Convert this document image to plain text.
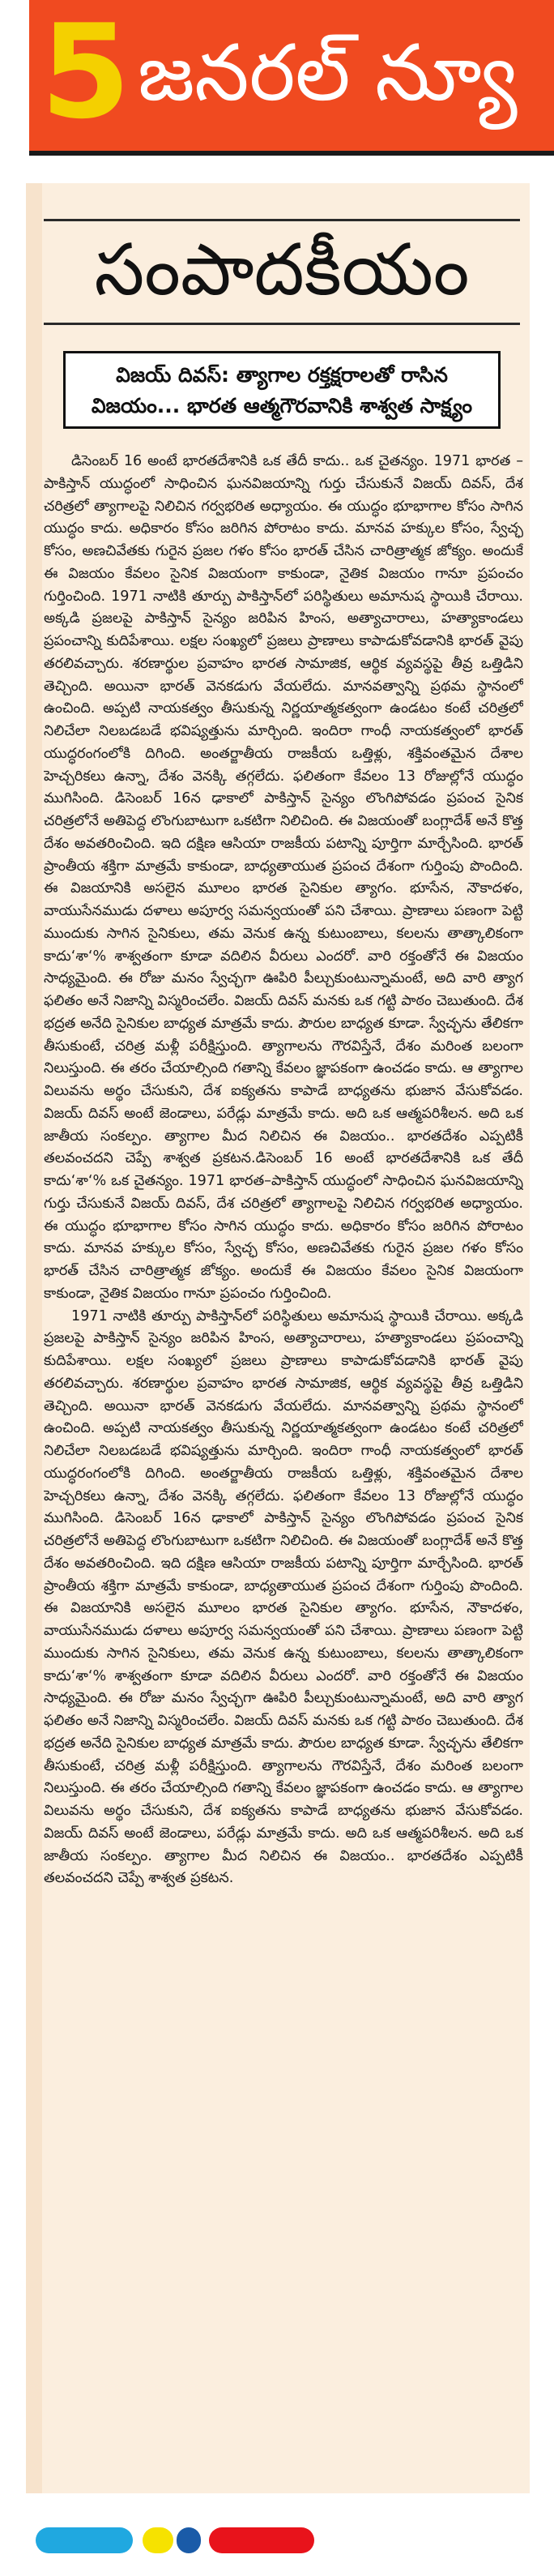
5 జనరల్ న్యూ
సంపాదకీయం
విజయ్ దివస్: త్యాగాల రక్తక్షరాలతో రాసిన
విజయం... భారత ఆత్మగౌరవానికి శాశ్వత సాక్ష్యం

డిసెంబర్ 16 అంటే భారతదేశానికి ఒక తేదీ కాదు.. ఒక చైతన్యం. 1971 భారత – పాకిస్తాన్ యుద్ధంలో సాధించిన ఘనవిజయాన్ని గుర్తు చేసుకునే విజయ్ దివస్, దేశ చరిత్రలో త్యాగాలపై నిలిచిన గర్వభరిత అధ్యాయం. ఈ యుద్ధం భూభాగాల కోసం సాగిన యుద్ధం కాదు. అధికారం కోసం జరిగిన పోరాటం కాదు. మానవ హక్కుల కోసం, స్వేచ్ఛ కోసం, అణచివేతకు గురైన ప్రజల గళం కోసం భారత్ చేసిన చారిత్రాత్మక జోక్యం. అందుకే ఈ విజయం కేవలం సైనిక విజయంగా కాకుండా, నైతిక విజయం గానూ ప్రపంచం గుర్తించింది. 1971 నాటికి తూర్పు పాకిస్తాన్‌లో పరిస్థితులు అమానుష స్థాయికి చేరాయి. అక్కడి ప్రజలపై పాకిస్తాన్ సైన్యం జరిపిన హింస, అత్యాచారాలు, హత్యాకాండలు ప్రపంచాన్ని కుదిపేశాయి. లక్షల సంఖ్యలో ప్రజలు ప్రాణాలు కాపాడుకోవడానికి భారత్ వైపు తరలివచ్చారు. శరణార్థుల ప్రవాహం భారత సామాజిక, ఆర్థిక వ్యవస్థపై తీవ్ర ఒత్తిడిని తెచ్చింది. అయినా భారత్ వెనకడుగు వేయలేదు. మానవత్వాన్ని ప్రథమ స్థానంలో ఉంచింది. అప్పటి నాయకత్వం తీసుకున్న నిర్ణయాత్మకత్వంగా ఉండటం కంటే చరిత్రలో నిలిచేలా నిలబడబడే భవిష్యత్తును మార్చింది. ఇందిరా గాంధీ నాయకత్వంలో భారత్ యుద్ధరంగంలోకి దిగింది. అంతర్జాతీయ రాజకీయ ఒత్తిళ్లు, శక్తివంతమైన దేశాల హెచ్చరికలు ఉన్నా, దేశం వెనక్కి తగ్గలేదు. ఫలితంగా కేవలం 13 రోజుల్లోనే యుద్ధం ముగిసింది. డిసెంబర్ 16న ఢాకాలో పాకిస్తాన్ సైన్యం లొంగిపోవడం ప్రపంచ సైనిక చరిత్రలోనే అతిపెద్ద లొంగుబాటుగా ఒకటిగా నిలిచింది. ఈ విజయంతో బంగ్లాదేశ్ అనే కొత్త దేశం అవతరించింది. ఇది దక్షిణ ఆసియా రాజకీయ పటాన్ని పూర్తిగా మార్చేసింది. భారత్ ప్రాంతీయ శక్తిగా మాత్రమే కాకుండా, బాధ్యతాయుత ప్రపంచ దేశంగా గుర్తింపు పొందింది. ఈ విజయానికి అసలైన మూలం భారత సైనికుల త్యాగం. భూసేన, నౌకాదళం, వాయుసేనముడు దళాలు అపూర్వ సమన్వయంతో పని చేశాయి. ప్రాణాలు పణంగా పెట్టి ముందుకు సాగిన సైనికులు, తమ వెనుక ఉన్న కుటుంబాలు, కలలను తాత్కాలికంగా కాదు‘శా‘% శాశ్వతంగా కూడా వదిలిన వీరులు ఎందరో. వారి రక్తంతోనే ఈ విజయం సాధ్యమైంది. ఈ రోజు మనం స్వేచ్ఛగా ఊపిరి పీల్చుకుంటున్నామంటే, అది వారి త్యాగ ఫలితం అనే నిజాన్ని విస్మరించలేం. విజయ్ దివస్ మనకు ఒక గట్టి పాఠం చెబుతుంది. దేశ భద్రత అనేది సైనికుల బాధ్యత మాత్రమే కాదు. పౌరుల బాధ్యత కూడా. స్వేచ్ఛను తేలికగా తీసుకుంటే, చరిత్ర మళ్లీ పరీక్షిస్తుంది. త్యాగాలను గౌరవిస్తేనే, దేశం మరింత బలంగా నిలుస్తుంది. ఈ తరం చేయాల్సింది గతాన్ని కేవలం జ్ఞాపకంగా ఉంచడం కాదు. ఆ త్యాగాల విలువను అర్థం చేసుకుని, దేశ ఐక్యతను కాపాడే బాధ్యతను భుజాన వేసుకోవడం. విజయ్ దివస్ అంటే జెండాలు, పరేడ్లు మాత్రమే కాదు. అది ఒక ఆత్మపరిశీలన. అది ఒక జాతీయ సంకల్పం. త్యాగాల మీద నిలిచిన ఈ విజయం.. భారతదేశం ఎప్పటికీ తలవంచదని చెప్పే శాశ్వత ప్రకటన.డిసెంబర్ 16 అంటే భారతదేశానికి ఒక తేదీ కాదు‘శా‘% ఒక చైతన్యం. 1971 భారత–పాకిస్తాన్ యుద్ధంలో సాధించిన ఘనవిజయాన్ని గుర్తు చేసుకునే విజయ్ దివస్, దేశ చరిత్రలో త్యాగాలపై నిలిచిన గర్వభరిత అధ్యాయం. ఈ యుద్ధం భూభాగాల కోసం సాగిన యుద్ధం కాదు. అధికారం కోసం జరిగిన పోరాటం కాదు. మానవ హక్కుల కోసం, స్వేచ్ఛ కోసం, అణచివేతకు గురైన ప్రజల గళం కోసం భారత్ చేసిన చారిత్రాత్మక జోక్యం. అందుకే ఈ విజయం కేవలం సైనిక విజయంగా కాకుండా, నైతిక విజయం గానూ ప్రపంచం గుర్తించింది.

1971 నాటికి తూర్పు పాకిస్తాన్‌లో పరిస్థితులు అమానుష స్థాయికి చేరాయి. అక్కడి ప్రజలపై పాకిస్తాన్ సైన్యం జరిపిన హింస, అత్యాచారాలు, హత్యాకాండలు ప్రపంచాన్ని కుదిపేశాయి. లక్షల సంఖ్యలో ప్రజలు ప్రాణాలు కాపాడుకోవడానికి భారత్ వైపు తరలివచ్చారు. శరణార్థుల ప్రవాహం భారత సామాజిక, ఆర్థిక వ్యవస్థపై తీవ్ర ఒత్తిడిని తెచ్చింది. అయినా భారత్ వెనకడుగు వేయలేదు. మానవత్వాన్ని ప్రథమ స్థానంలో ఉంచింది. అప్పటి నాయకత్వం తీసుకున్న నిర్ణయాత్మకత్వంగా ఉండటం కంటే చరిత్రలో నిలిచేలా నిలబడబడే భవిష్యత్తును మార్చింది. ఇందిరా గాంధీ నాయకత్వంలో భారత్ యుద్ధరంగంలోకి దిగింది. అంతర్జాతీయ రాజకీయ ఒత్తిళ్లు, శక్తివంతమైన దేశాల హెచ్చరికలు ఉన్నా, దేశం వెనక్కి తగ్గలేదు. ఫలితంగా కేవలం 13 రోజుల్లోనే యుద్ధం ముగిసింది. డిసెంబర్ 16న ఢాకాలో పాకిస్తాన్ సైన్యం లొంగిపోవడం ప్రపంచ సైనిక చరిత్రలోనే అతిపెద్ద లొంగుబాటుగా ఒకటిగా నిలిచింది. ఈ విజయంతో బంగ్లాదేశ్ అనే కొత్త దేశం అవతరించింది. ఇది దక్షిణ ఆసియా రాజకీయ పటాన్ని పూర్తిగా మార్చేసింది. భారత్ ప్రాంతీయ శక్తిగా మాత్రమే కాకుండా, బాధ్యతాయుత ప్రపంచ దేశంగా గుర్తింపు పొందింది. ఈ విజయానికి అసలైన మూలం భారత సైనికుల త్యాగం. భూసేన, నౌకాదళం, వాయుసేనముడు దళాలు అపూర్వ సమన్వయంతో పని చేశాయి. ప్రాణాలు పణంగా పెట్టి ముందుకు సాగిన సైనికులు, తమ వెనుక ఉన్న కుటుంబాలు, కలలను తాత్కాలికంగా కాదు‘శా‘% శాశ్వతంగా కూడా వదిలిన వీరులు ఎందరో. వారి రక్తంతోనే ఈ విజయం సాధ్యమైంది. ఈ రోజు మనం స్వేచ్ఛగా ఊపిరి పీల్చుకుంటున్నామంటే, అది వారి త్యాగ ఫలితం అనే నిజాన్ని విస్మరించలేం. విజయ్ దివస్ మనకు ఒక గట్టి పాఠం చెబుతుంది. దేశ భద్రత అనేది సైనికుల బాధ్యత మాత్రమే కాదు. పౌరుల బాధ్యత కూడా. స్వేచ్ఛను తేలికగా తీసుకుంటే, చరిత్ర మళ్లీ పరీక్షిస్తుంది. త్యాగాలను గౌరవిస్తేనే, దేశం మరింత బలంగా నిలుస్తుంది. ఈ తరం చేయాల్సింది గతాన్ని కేవలం జ్ఞాపకంగా ఉంచడం కాదు. ఆ త్యాగాల విలువను అర్థం చేసుకుని, దేశ ఐక్యతను కాపాడే బాధ్యతను భుజాన వేసుకోవడం. విజయ్ దివస్ అంటే జెండాలు, పరేడ్లు మాత్రమే కాదు. అది ఒక ఆత్మపరిశీలన. అది ఒక జాతీయ సంకల్పం. త్యాగాల మీద నిలిచిన ఈ విజయం.. భారతదేశం ఎప్పటికీ తలవంచదని చెప్పే శాశ్వత ప్రకటన.
